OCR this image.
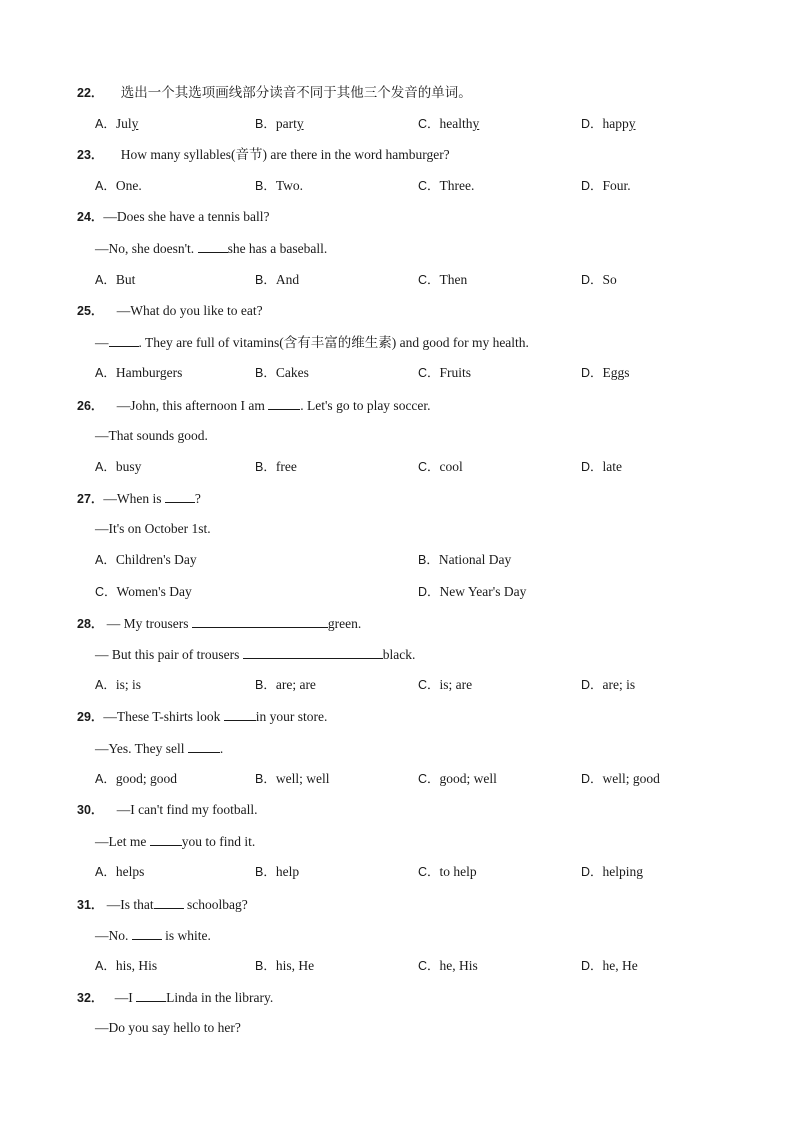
22． 选出一个其选项画线部分读音不同于其他三个发音的单词。
A．July	B．party	C．healthy	D．happy
23． How many syllables(音节) are there in the word hamburger?
A．One.	B．Two.	C．Three.	D．Four.
24．—Does she have a tennis ball?
—No, she doesn't. she has a baseball.
A．But	B．And	C．Then	D．So
25． —What do you like to eat?
— . They are full of vitamins(含有丰富的维生素) and good for my health.
A．Hamburgers	B．Cakes	C．Fruits	D．Eggs
26． —John, this afternoon I am	. Let's go to play soccer.
—That sounds good.
A．busy	B．free	C．cool	D．late
27．—When is ?
—It's on October 1st.
A．Children's Day	B．National Day
C．Women's Day	D．New Year's Day
28． — My trousers	green.
— But this pair of trousers	black.
A．is; is	B．are; are	C．is; are	D．are; is
29．—These T-shirts look	in your store.
—Yes. They sell	.
A．good; good	B．well; well	C．good; well	D．well; good
30． —I can't find my football.
—Let me	you to find it.
A．helps	B．help	C．to help	D．helping
31． —Is that schoolbag?
—No.	is white.
A．his, His	B．his, He	C．he, His	D．he, He
32． —I Linda in the library.
—Do you say hello to her?
